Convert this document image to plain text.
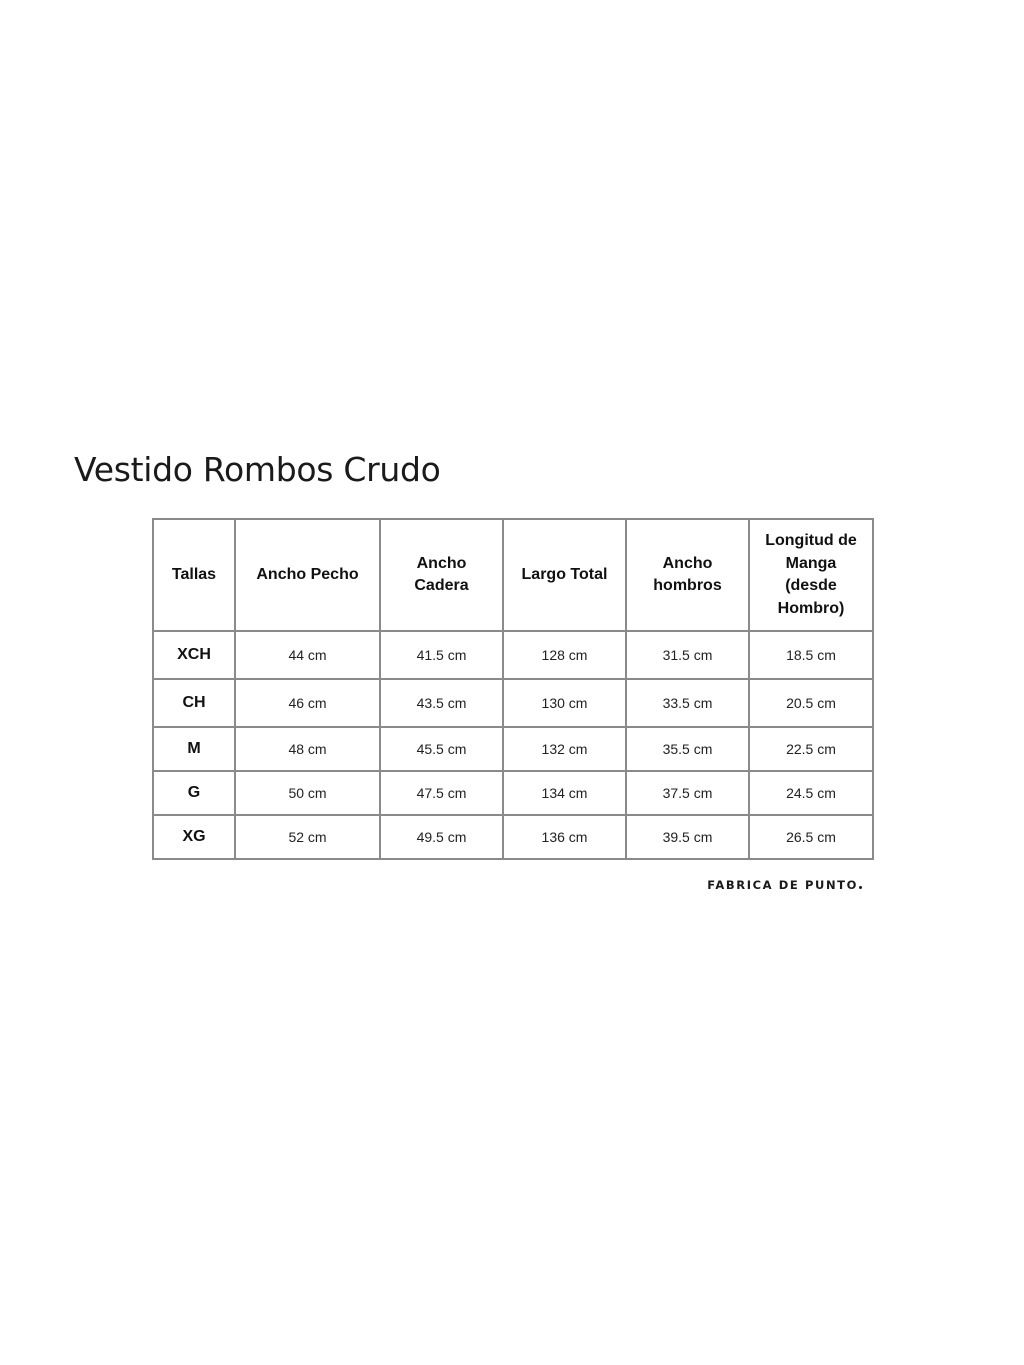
Vestido Rombos Crudo
Tallas	Ancho Pecho	Ancho Cadera	Largo Total	Ancho hombros	Longitud de Manga (desde Hombro)
XCH	44 cm	41.5 cm	128 cm	31.5 cm	18.5 cm
CH	46 cm	43.5 cm	130 cm	33.5 cm	20.5 cm
M	48 cm	45.5 cm	132 cm	35.5 cm	22.5 cm
G	50 cm	47.5 cm	134 cm	37.5 cm	24.5 cm
XG	52 cm	49.5 cm	136 cm	39.5 cm	26.5 cm
FABRICA DE PUNTO
